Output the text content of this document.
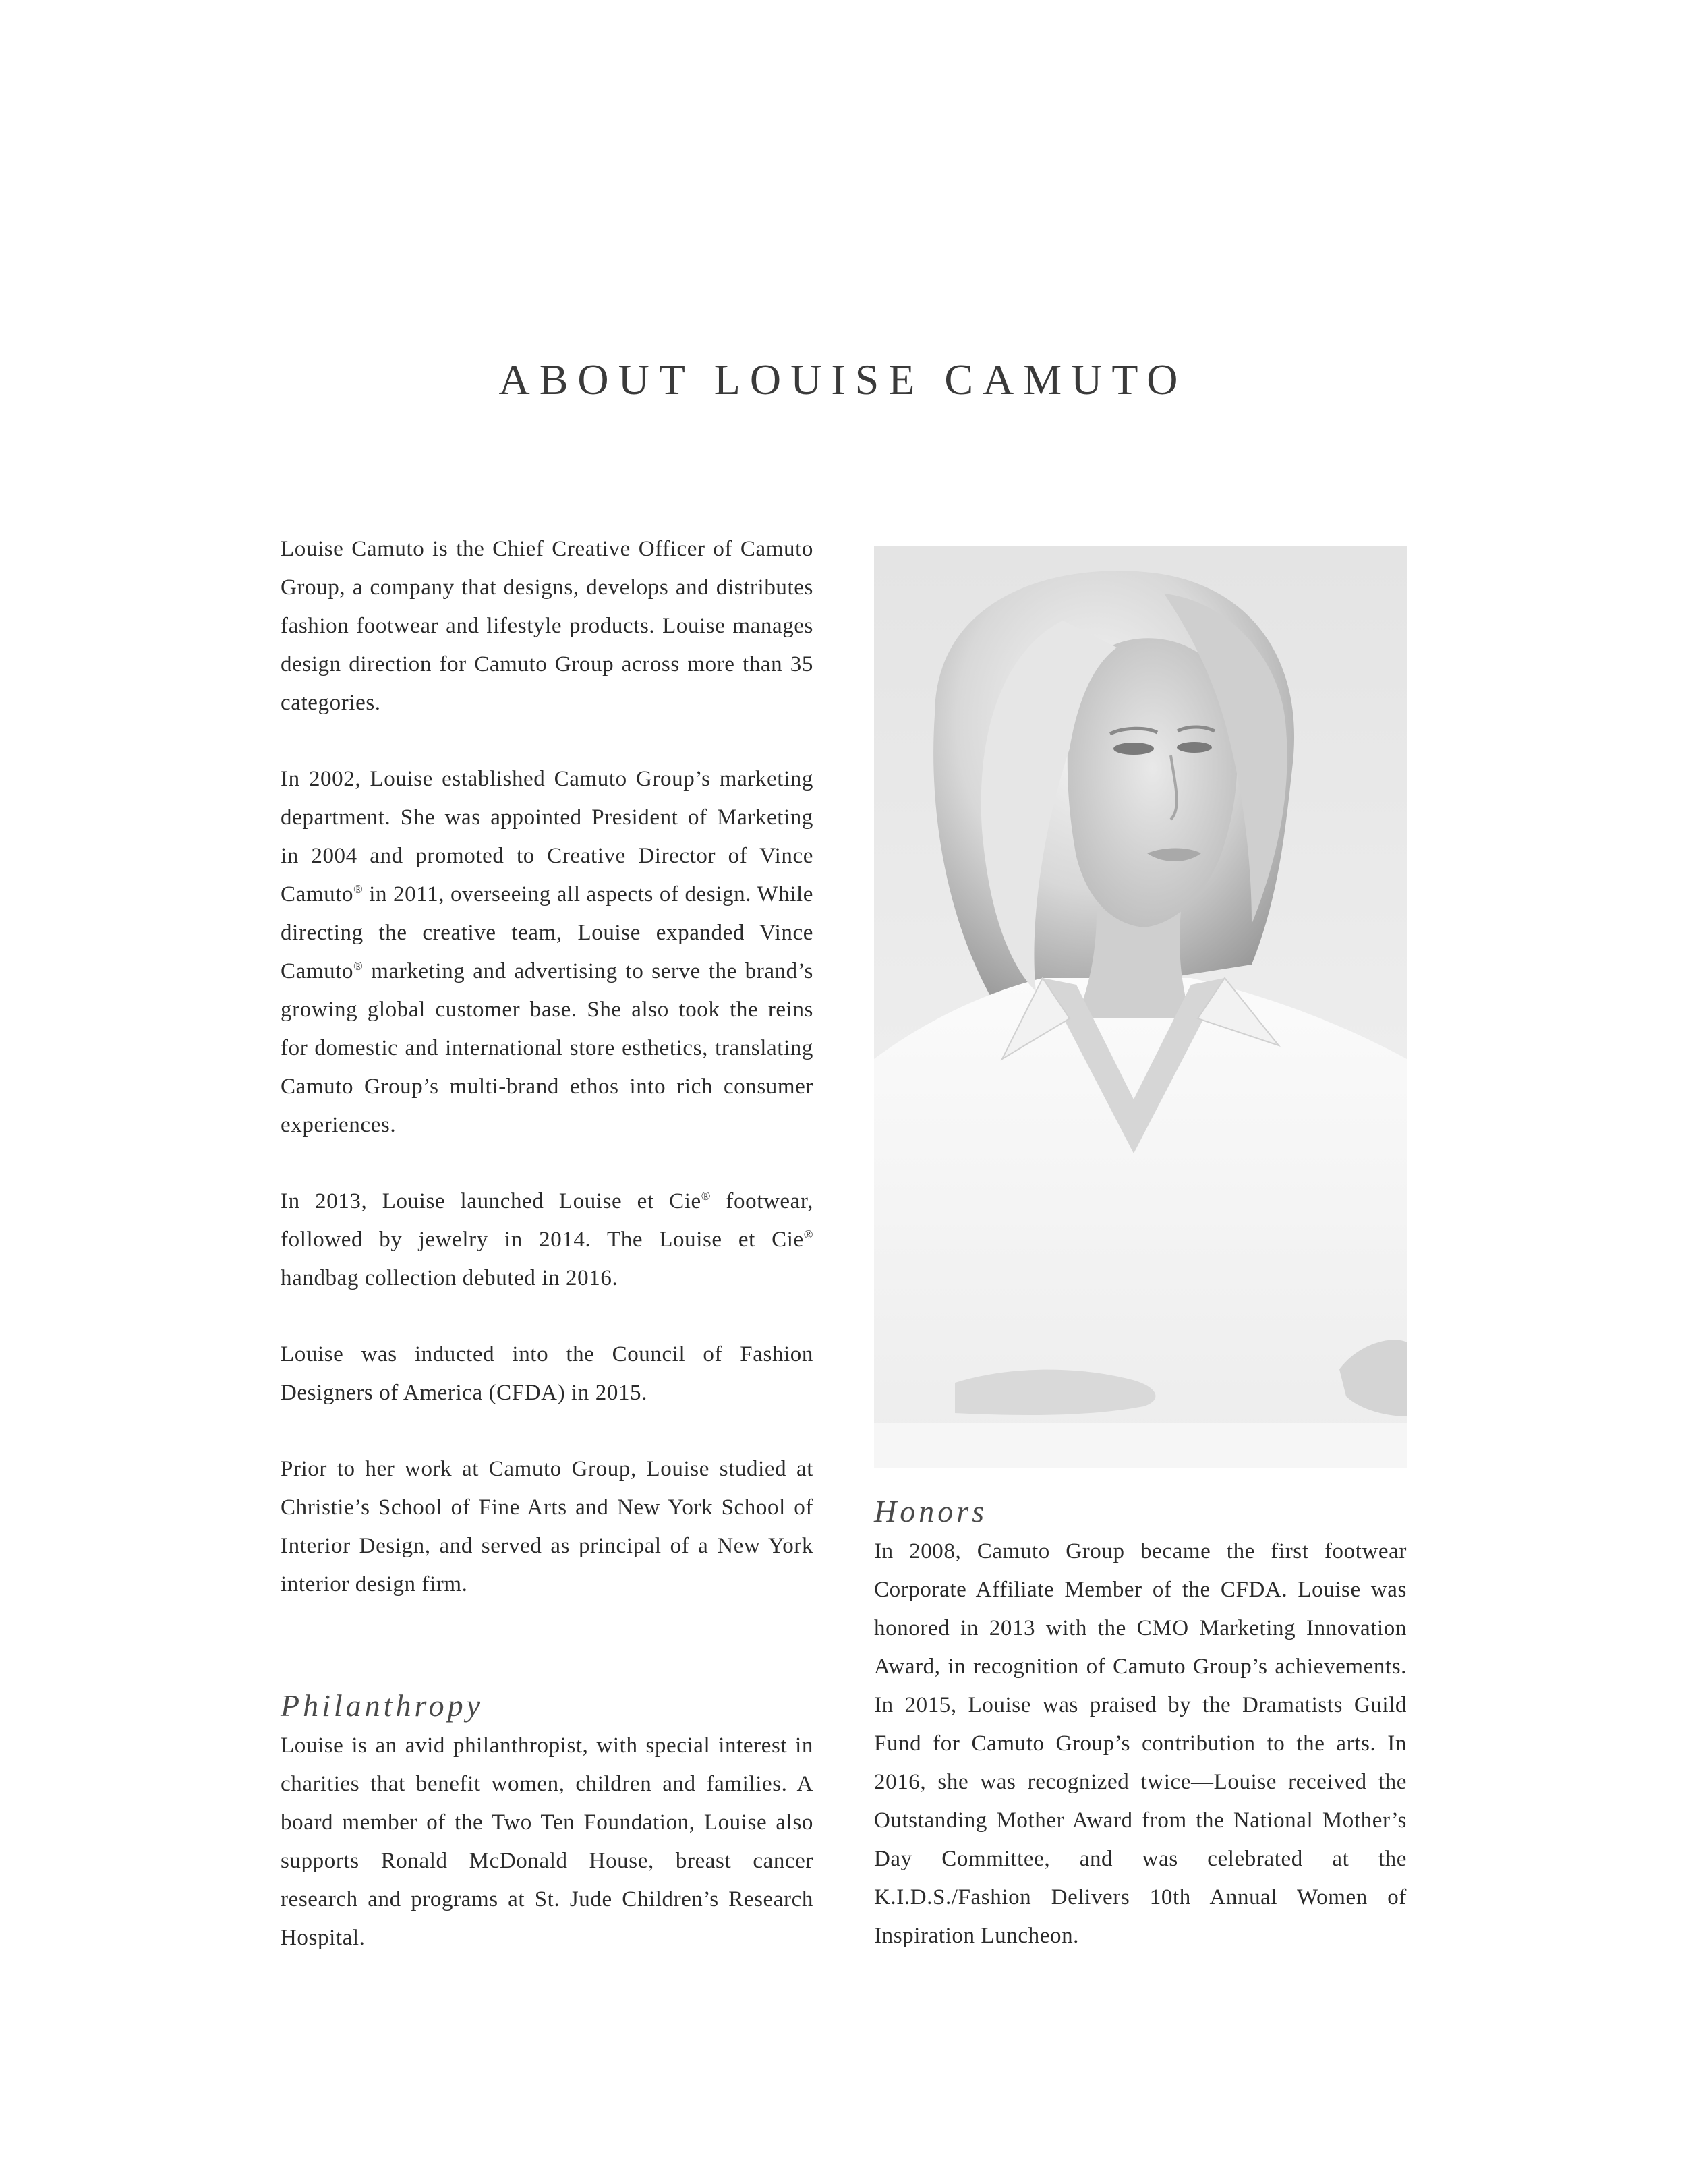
ABOUT LOUISE CAMUTO

Louise Camuto is the Chief Creative Officer of Camuto Group, a company that designs, develops and distributes fashion footwear and lifestyle products. Louise manages design direction for Camuto Group across more than 35 categories.

In 2002, Louise established Camuto Group’s marketing department. She was appointed President of Marketing in 2004 and promoted to Creative Director of Vince Camuto® in 2011, overseeing all aspects of design. While directing the creative team, Louise expanded Vince Camuto® marketing and advertising to serve the brand’s growing global customer base. She also took the reins for domestic and international store esthetics, translating Camuto Group’s multi-brand ethos into rich consumer experiences.

In 2013, Louise launched Louise et Cie® footwear, followed by jewelry in 2014. The Louise et Cie® handbag collection debuted in 2016.

Louise was inducted into the Council of Fashion Designers of America (CFDA) in 2015.

Prior to her work at Camuto Group, Louise studied at Christie’s School of Fine Arts and New York School of Interior Design, and served as principal of a New York interior design firm.

Philanthropy

Louise is an avid philanthropist, with special interest in charities that benefit women, children and families. A board member of the Two Ten Foundation, Louise also supports Ronald McDonald House, breast cancer research and programs at St. Jude Children’s Research Hospital.

Honors

In 2008, Camuto Group became the first footwear Corporate Affiliate Member of the CFDA. Louise was honored in 2013 with the CMO Marketing Innovation Award, in recognition of Camuto Group’s achievements. In 2015, Louise was praised by the Dramatists Guild Fund for Camuto Group’s contribution to the arts. In 2016, she was recognized twice—Louise received the Outstanding Mother Award from the National Mother’s Day Committee, and was celebrated at the K.I.D.S./Fashion Delivers 10th Annual Women of Inspiration Luncheon.
